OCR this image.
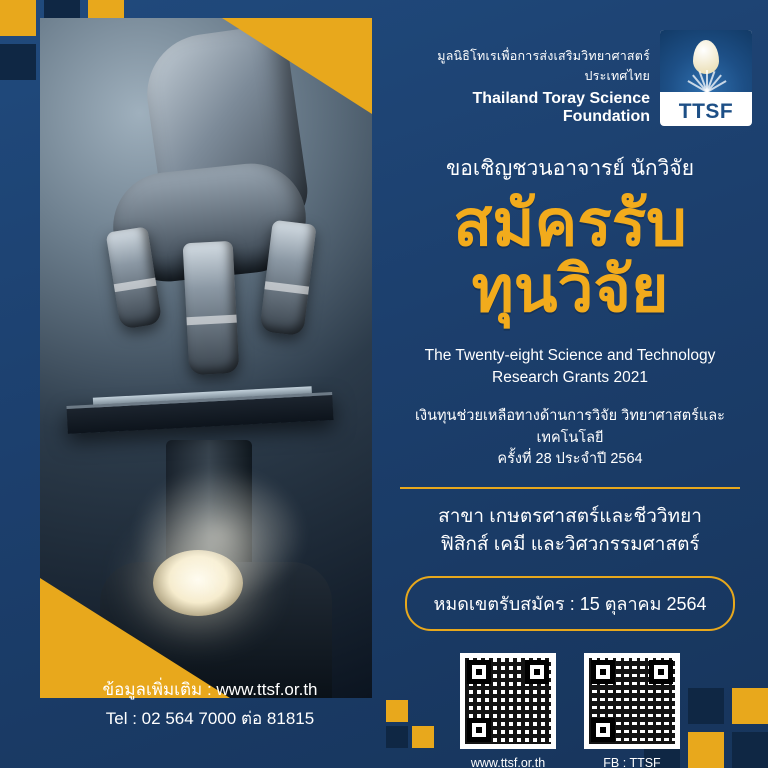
มูลนิธิโทเรเพื่อการส่งเสริมวิทยาศาสตร์ ประเทศไทย
Thailand Toray Science Foundation	TTSF
ขอเชิญชวนอาจารย์ นักวิจัย
สมัครรับ
ทุนวิจัย
The Twenty-eight Science and Technology
Research Grants 2021
เงินทุนช่วยเหลือทางด้านการวิจัย วิทยาศาสตร์และเทคโนโลยี
ครั้งที่ 28 ประจำปี 2564
สาขา เกษตรศาสตร์และชีววิทยา
ฟิสิกส์ เคมี และวิศวกรรมศาสตร์
หมดเขตรับสมัคร : 15 ตุลาคม 2564
www.ttsf.or.th	FB : TTSF
ข้อมูลเพิ่มเติม : www.ttsf.or.th
Tel : 02 564 7000 ต่อ 81815
